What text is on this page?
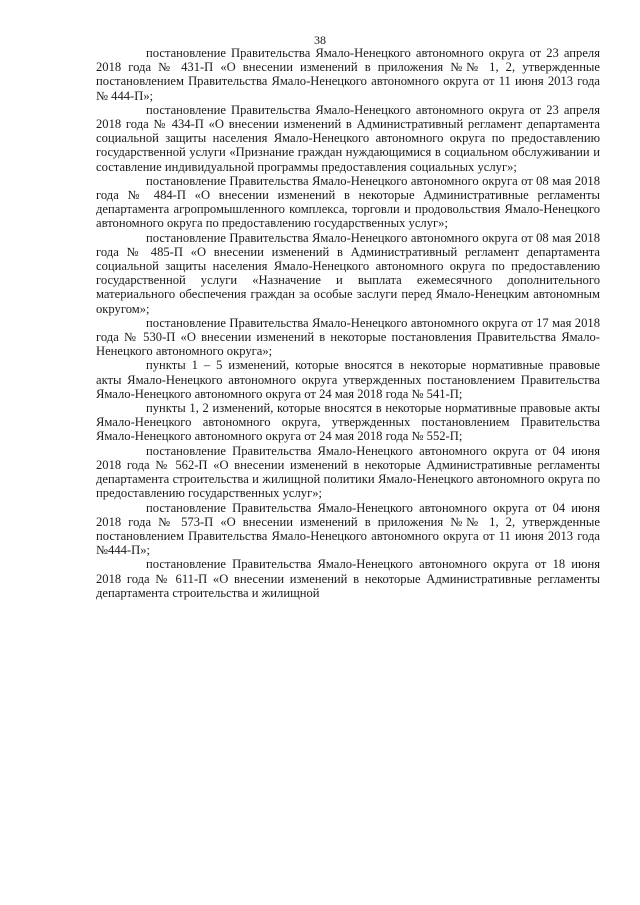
38

постановление Правительства Ямало-Ненецкого автономного округа от 23 апреля 2018 года № 431-П «О внесении изменений в приложения №№ 1, 2, утвержденные постановлением Правительства Ямало-Ненецкого автономного округа от 11 июня 2013 года № 444-П»;

постановление Правительства Ямало-Ненецкого автономного округа от 23 апреля 2018 года № 434-П «О внесении изменений в Административный регламент департамента социальной защиты населения Ямало-Ненецкого автономного округа по предоставлению государственной услуги «Признание граждан нуждающимися в социальном обслуживании и составление индивидуальной программы предоставления социальных услуг»;

постановление Правительства Ямало-Ненецкого автономного округа от 08 мая 2018 года № 484-П «О внесении изменений в некоторые Административные регламенты департамента агропромышленного комплекса, торговли и продовольствия Ямало-Ненецкого автономного округа по предоставлению государственных услуг»;

постановление Правительства Ямало-Ненецкого автономного округа от 08 мая 2018 года № 485-П «О внесении изменений в Административный регламент департамента социальной защиты населения Ямало-Ненецкого автономного округа по предоставлению государственной услуги «Назначение и выплата ежемесячного дополнительного материального обеспечения граждан за особые заслуги перед Ямало-Ненецким автономным округом»;

постановление Правительства Ямало-Ненецкого автономного округа от 17 мая 2018 года № 530-П «О внесении изменений в некоторые постановления Правительства Ямало-Ненецкого автономного округа»;

пункты 1 – 5 изменений, которые вносятся в некоторые нормативные правовые акты Ямало-Ненецкого автономного округа утвержденных постановлением Правительства Ямало-Ненецкого автономного округа от 24 мая 2018 года № 541-П;

пункты 1, 2 изменений, которые вносятся в некоторые нормативные правовые акты Ямало-Ненецкого автономного округа, утвержденных постановлением Правительства Ямало-Ненецкого автономного округа от 24 мая 2018 года № 552-П;

постановление Правительства Ямало-Ненецкого автономного округа от 04 июня 2018 года № 562-П «О внесении изменений в некоторые Административные регламенты департамента строительства и жилищной политики Ямало-Ненецкого автономного округа по предоставлению государственных услуг»;

постановление Правительства Ямало-Ненецкого автономного округа от 04 июня 2018 года № 573-П «О внесении изменений в приложения №№ 1, 2, утвержденные постановлением Правительства Ямало-Ненецкого автономного округа от 11 июня 2013 года №444-П»;

постановление Правительства Ямало-Ненецкого автономного округа от 18 июня 2018 года № 611-П «О внесении изменений в некоторые Административные регламенты департамента строительства и жилищной
